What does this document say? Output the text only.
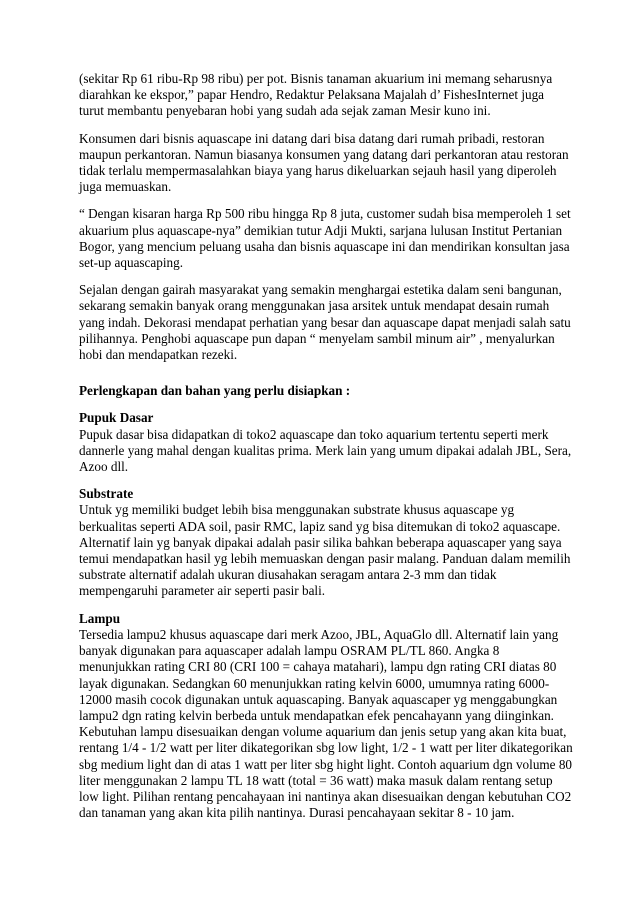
(sekitar Rp 61 ribu-Rp 98 ribu) per pot. Bisnis tanaman akuarium ini memang seharusnya
diarahkan ke ekspor,” papar Hendro, Redaktur Pelaksana Majalah d’ FishesInternet juga
turut membantu penyebaran hobi yang sudah ada sejak zaman Mesir kuno ini.

Konsumen dari bisnis aquascape ini datang dari bisa datang dari rumah pribadi, restoran
maupun perkantoran. Namun biasanya konsumen yang datang dari perkantoran atau restoran
tidak terlalu mempermasalahkan biaya yang harus dikeluarkan sejauh hasil yang diperoleh
juga memuaskan.

“ Dengan kisaran harga Rp 500 ribu hingga Rp 8 juta, customer sudah bisa memperoleh 1 set
akuarium plus aquascape-nya” demikian tutur Adji Mukti, sarjana lulusan Institut Pertanian
Bogor, yang mencium peluang usaha dan bisnis aquascape ini dan mendirikan konsultan jasa
set-up aquascaping.

Sejalan dengan gairah masyarakat yang semakin menghargai estetika dalam seni bangunan,
sekarang semakin banyak orang menggunakan jasa arsitek untuk mendapat desain rumah
yang indah. Dekorasi mendapat perhatian yang besar dan aquascape dapat menjadi salah satu
pilihannya. Penghobi aquascape pun dapan “ menyelam sambil minum air” , menyalurkan
hobi dan mendapatkan rezeki.

Perlengkapan dan bahan yang perlu disiapkan :

Pupuk Dasar

Pupuk dasar bisa didapatkan di toko2 aquascape dan toko aquarium tertentu seperti merk
dannerle yang mahal dengan kualitas prima. Merk lain yang umum dipakai adalah JBL, Sera,
Azoo dll.

Substrate

Untuk yg memiliki budget lebih bisa menggunakan substrate khusus aquascape yg
berkualitas seperti ADA soil, pasir RMC, lapiz sand yg bisa ditemukan di toko2 aquascape.
Alternatif lain yg banyak dipakai adalah pasir silika bahkan beberapa aquascaper yang saya
temui mendapatkan hasil yg lebih memuaskan dengan pasir malang. Panduan dalam memilih
substrate alternatif adalah ukuran diusahakan seragam antara 2-3 mm dan tidak
mempengaruhi parameter air seperti pasir bali.

Lampu

Tersedia lampu2 khusus aquascape dari merk Azoo, JBL, AquaGlo dll. Alternatif lain yang
banyak digunakan para aquascaper adalah lampu OSRAM PL/TL 860. Angka 8
menunjukkan rating CRI 80 (CRI 100 = cahaya matahari), lampu dgn rating CRI diatas 80
layak digunakan. Sedangkan 60 menunjukkan rating kelvin 6000, umumnya rating 6000-
12000 masih cocok digunakan untuk aquascaping. Banyak aquascaper yg menggabungkan
lampu2 dgn rating kelvin berbeda untuk mendapatkan efek pencahayann yang diinginkan.
Kebutuhan lampu disesuaikan dengan volume aquarium dan jenis setup yang akan kita buat,
rentang 1/4 - 1/2 watt per liter dikategorikan sbg low light, 1/2 - 1 watt per liter dikategorikan
sbg medium light dan di atas 1 watt per liter sbg hight light. Contoh aquarium dgn volume 80
liter menggunakan 2 lampu TL 18 watt (total = 36 watt) maka masuk dalam rentang setup
low light. Pilihan rentang pencahayaan ini nantinya akan disesuaikan dengan kebutuhan CO2
dan tanaman yang akan kita pilih nantinya. Durasi pencahayaan sekitar 8 - 10 jam.
